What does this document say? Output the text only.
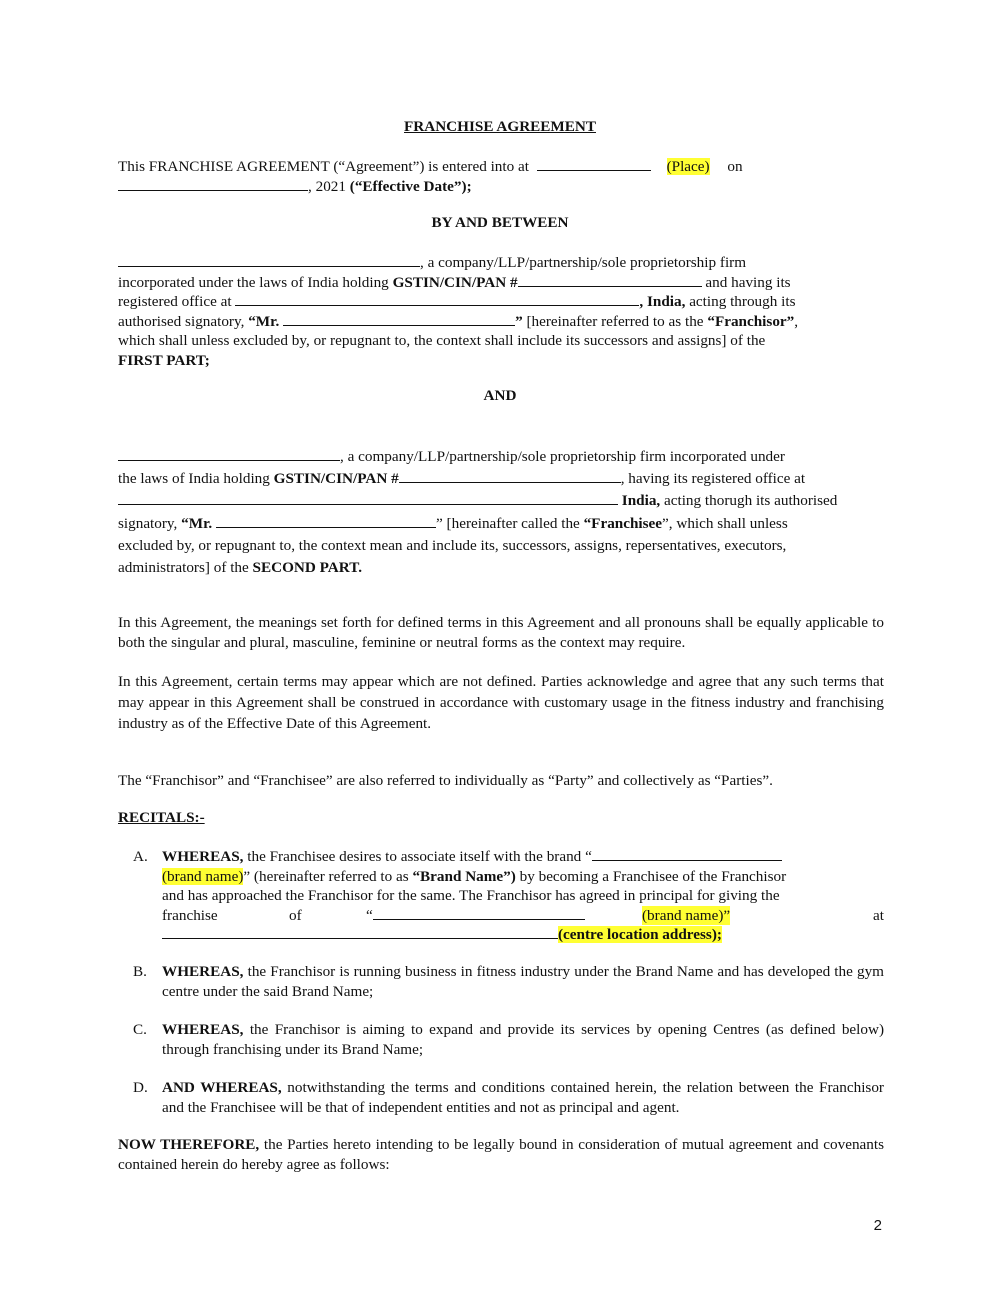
FRANCHISE AGREEMENT
This FRANCHISE AGREEMENT (“Agreement”) is entered into at	(Place) on
, 2021 (“Effective Date”);
BY AND BETWEEN
, a company/LLP/partnership/sole proprietorship firm
incorporated under the laws of India holding GSTIN/CIN/PAN #	and having its
registered office at	, India, acting through its
authorised signatory, “Mr.	” [hereinafter referred to as the “Franchisor”,
which shall unless excluded by, or repugnant to, the context shall include its successors and assigns] of the
FIRST PART;
AND
, a company/LLP/partnership/sole proprietorship firm incorporated under
the laws of India holding GSTIN/CIN/PAN #	, having its registered office at
India, acting thorugh its authorised
signatory, “Mr.	” [hereinafter called the “Franchisee”, which shall unless
excluded by, or repugnant to, the context mean and include its, successors, assigns, repersentatives, executors,
administrators] of the SECOND PART.
In this Agreement, the meanings set forth for defined terms in this Agreement and all pronouns shall be equally applicable to both the singular and plural, masculine, feminine or neutral forms as the context may require.
In this Agreement, certain terms may appear which are not defined. Parties acknowledge and agree that any such terms that may appear in this Agreement shall be construed in accordance with customary usage in the fitness industry and franchising industry as of the Effective Date of this Agreement.
The “Franchisor” and “Franchisee” are also referred to individually as “Party” and collectively as “Parties”.
RECITALS:-
A. WHEREAS, the Franchisee desires to associate itself with the brand “
(brand name)” (hereinafter referred to as “Brand Name”) by becoming a Franchisee of the Franchisor
and has approached the Franchisor for the same. The Franchisor has agreed in principal for giving the
franchise	of	“	(brand name)”	at
(centre location address);
B. WHEREAS, the Franchisor is running business in fitness industry under the Brand Name and has developed the gym centre under the said Brand Name;
C. WHEREAS, the Franchisor is aiming to expand and provide its services by opening Centres (as defined below) through franchising under its Brand Name;
D. AND WHEREAS, notwithstanding the terms and conditions contained herein, the relation between the Franchisor and the Franchisee will be that of independent entities and not as principal and agent.
NOW THEREFORE, the Parties hereto intending to be legally bound in consideration of mutual agreement and covenants contained herein do hereby agree as follows:
2
